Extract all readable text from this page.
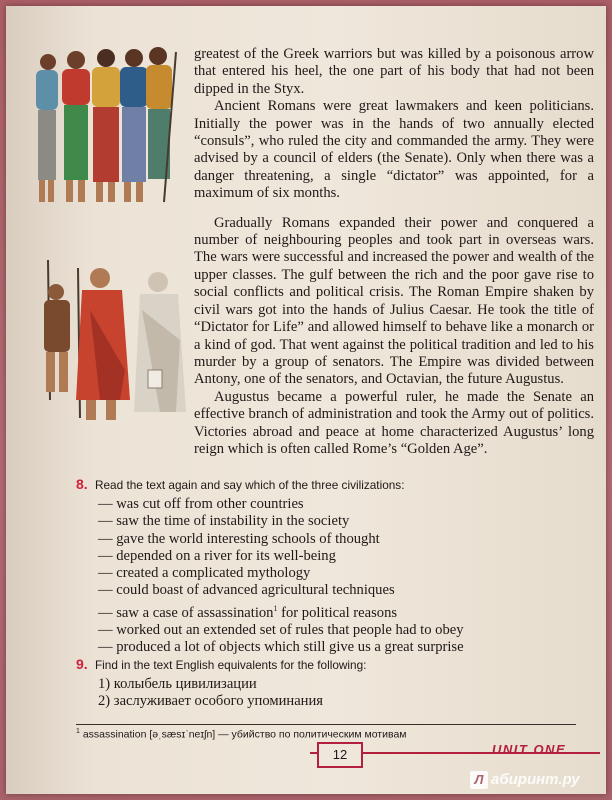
greatest of the Greek warriors but was killed by a poisonous arrow that entered his heel, the one part of his body that had not been dipped in the Styx.

Ancient Romans were great lawmakers and keen politicians. Initially the power was in the hands of two annually elected “consuls”, who ruled the city and commanded the army. They were advised by a council of elders (the Senate). Only when there was a danger threatening, a single “dictator” was appointed, for a maximum of six months.

Gradually Romans expanded their power and conquered a number of neighbouring peoples and took part in overseas wars. The wars were successful and increased the power and wealth of the upper classes. The gulf between the rich and the poor gave rise to social conflicts and political crisis. The Roman Empire shaken by civil wars got into the hands of Julius Caesar. He took the title of “Dictator for Life” and allowed himself to behave like a monarch or a kind of god. That went against the political tradition and led to his murder by a group of senators. The Empire was divided between Antony, one of the senators, and Octavian, the future Augustus.

Augustus became a powerful ruler, he made the Senate an effective branch of administration and took the Army out of politics. Victories abroad and peace at home characterized Augustus’ long reign which is often called Rome’s “Golden Age”.

8. Read the text again and say which of the three civilizations:
— was cut off from other countries
— saw the time of instability in the society
— gave the world interesting schools of thought
— depended on a river for its well-being
— created a complicated mythology
— could boast of advanced agricultural techniques
— saw a case of assassination$^1$ for political reasons
— worked out an extended set of rules that people had to obey
— produced a lot of objects which still give us a great surprise
9. Find in the text English equivalents for the following:
1) колыбель цивилизации
2) заслуживает особого упоминания
$^1$ assassination [əˌsæsɪˈneɪʃn] — убийство по политическим мотивам
12	UNIT ONE
Л абиринт.ру
